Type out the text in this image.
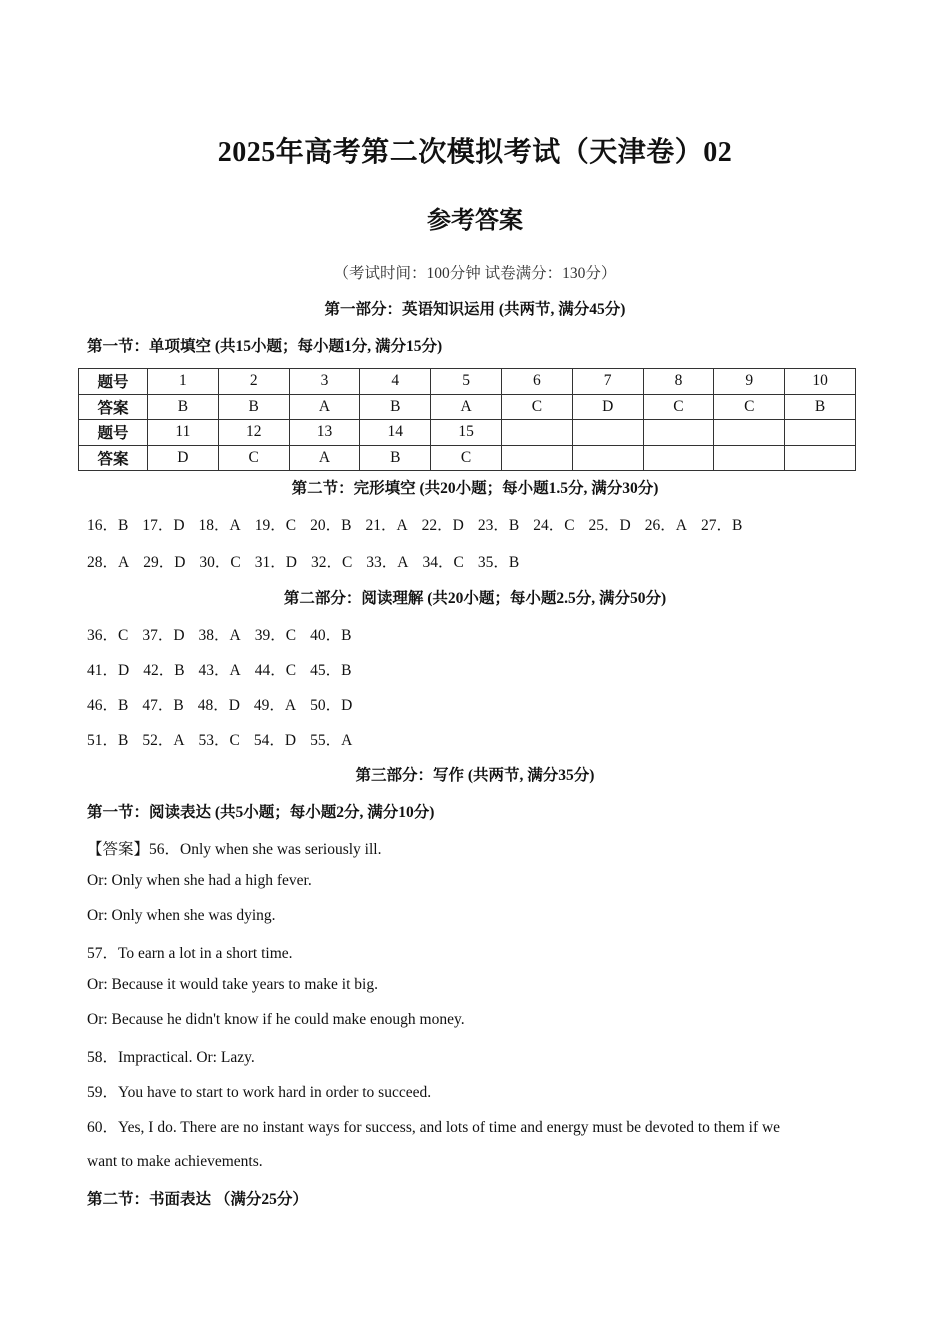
2025年高考第二次模拟考试（天津卷）02
参考答案
（考试时间：100分钟 试卷满分：130分）
第一部分：英语知识运用 (共两节, 满分45分)
第一节：单项填空 (共15小题；每小题1分, 满分15分)
题号	1	2	3	4	5	6	7	8	9	10
答案	B	B	A	B	A	C	D	C	C	B
题号	11	12	13	14	15					
答案	D	C	A	B	C					
第二节：完形填空 (共20小题；每小题1.5分, 满分30分)
16．B 17．D 18．A 19．C 20．B 21．A 22．D 23．B 24．C 25．D 26．A 27．B
28．A 29．D 30．C 31．D 32．C 33．A 34．C 35．B
第二部分：阅读理解 (共20小题；每小题2.5分, 满分50分)
36．C 37．D 38．A 39．C 40．B
41．D 42．B 43．A 44．C 45．B
46．B 47．B 48．D 49．A 50．D
51．B 52．A 53．C 54．D 55．A
第三部分：写作 (共两节, 满分35分)
第一节：阅读表达 (共5小题；每小题2分, 满分10分)
【答案】56．Only when she was seriously ill.
Or: Only when she had a high fever.
Or: Only when she was dying.
57．To earn a lot in a short time.
Or: Because it would take years to make it big.
Or: Because he didn't know if he could make enough money.
58．Impractical. Or: Lazy.
59．You have to start to work hard in order to succeed.
60．Yes, I do. There are no instant ways for success, and lots of time and energy must be devoted to them if we
want to make achievements.
第二节：书面表达 （满分25分）
